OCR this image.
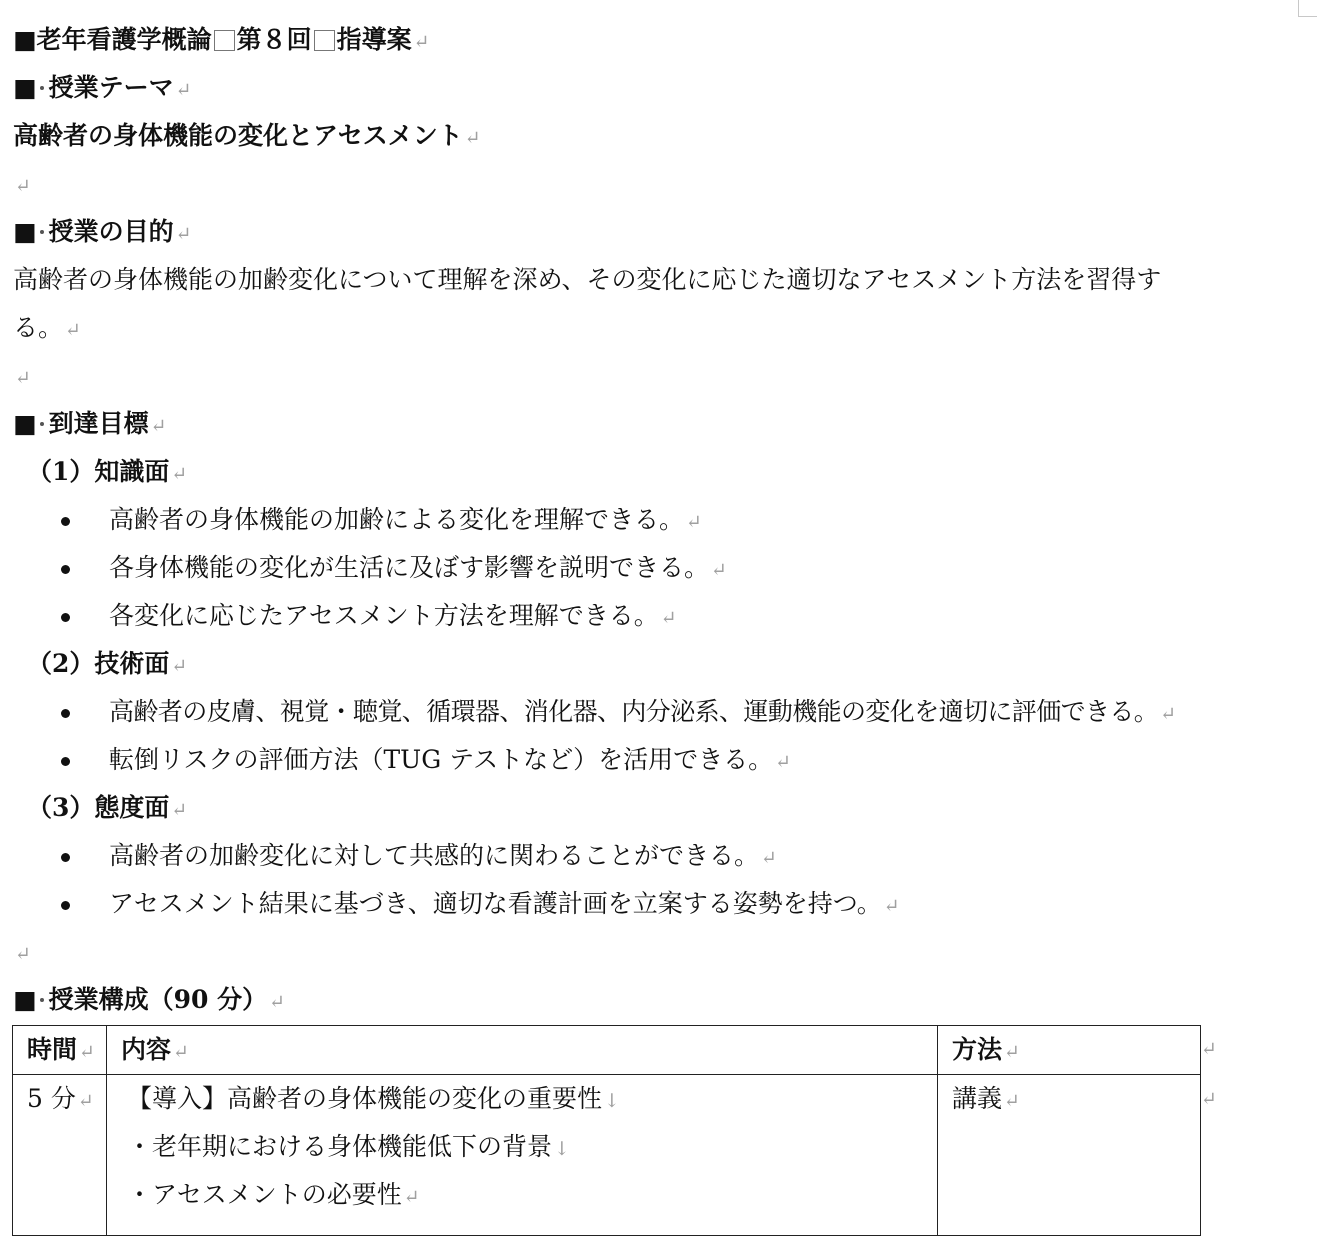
■老年看護学概論 第８回 指導案 ↵
■ 授業テーマ ↵
高齢者の身体機能の変化とアセスメント ↵
↵
■ 授業の目的 ↵
高齢者の身体機能の加齢変化について理解を深め、その変化に応じた適切なアセスメント方法を習得す
る。 ↵
↵
■ 到達目標 ↵
（1）知識面 ↵
高齢者の身体機能の加齢による変化を理解できる。 ↵
各身体機能の変化が生活に及ぼす影響を説明できる。 ↵
各変化に応じたアセスメント方法を理解できる。 ↵
（2）技術面 ↵
高齢者の皮膚、視覚・聴覚、循環器、消化器、内分泌系、運動機能の変化を適切に評価できる。 ↵
転倒リスクの評価方法（TUG テストなど）を活用できる。 ↵
（3）態度面 ↵
高齢者の加齢変化に対して共感的に関わることができる。 ↵
アセスメント結果に基づき、適切な看護計画を立案する姿勢を持つ。 ↵
↵
■ 授業構成（90 分） ↵
時間 ↵	内容 ↵	方法 ↵

5 分 ↵	【導入】高齢者の身体機能の変化の重要性 ↓
・老年期における身体機能低下の背景 ↓
・アセスメントの必要性 ↵	講義 ↵
↵
↵
